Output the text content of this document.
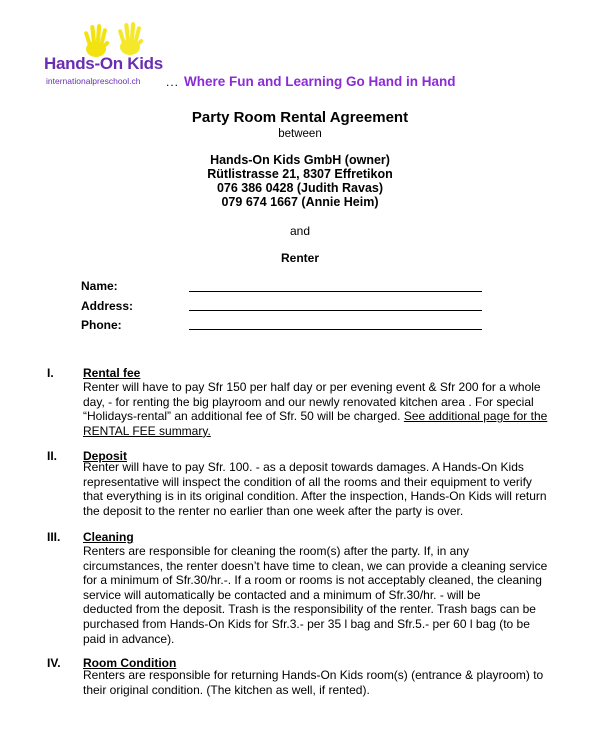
Hands-On Kids
internationalpreschool.ch ... Where Fun and Learning Go Hand in Hand
Party Room Rental Agreement
between
Hands-On Kids GmbH (owner)
Rütlistrasse 21, 8307 Effretikon
076 386 0428 (Judith Ravas)
079 674 1667 (Annie Heim)
and
Renter
Name:
Address:
Phone:
I. Rental fee
Renter will have to pay Sfr 150 per half day or per evening event & Sfr 200 for a whole
day, - for renting the big playroom and our newly renovated kitchen area . For special
“Holidays-rental” an additional fee of Sfr. 50 will be charged. See additional page for the
RENTAL FEE summary.
II. Deposit
Renter will have to pay Sfr. 100. - as a deposit towards damages. A Hands-On Kids
representative will inspect the condition of all the rooms and their equipment to verify
that everything is in its original condition. After the inspection, Hands-On Kids will return
the deposit to the renter no earlier than one week after the party is over.
III. Cleaning
Renters are responsible for cleaning the room(s) after the party. If, in any
circumstances, the renter doesn’t have time to clean, we can provide a cleaning service
for a minimum of Sfr.30/hr.-. If a room or rooms is not acceptably cleaned, the cleaning
service will automatically be contacted and a minimum of Sfr.30/hr. - will be
deducted from the deposit. Trash is the responsibility of the renter. Trash bags can be
purchased from Hands-On Kids for Sfr.3.- per 35 l bag and Sfr.5.- per 60 l bag (to be
paid in advance).
IV. Room Condition
Renters are responsible for returning Hands-On Kids room(s) (entrance & playroom) to
their original condition. (The kitchen as well, if rented).
